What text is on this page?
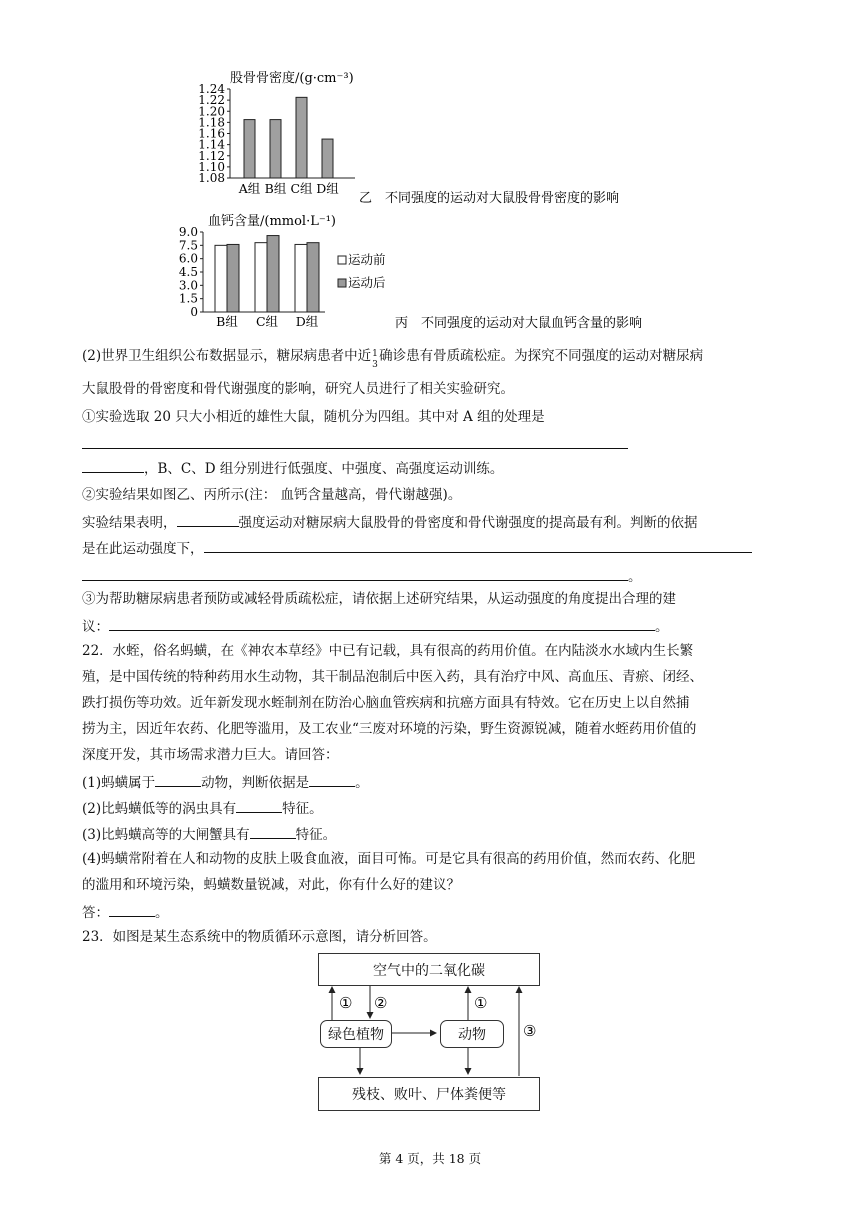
股骨骨密度/(g·cm⁻³)
1.24
1.22
1.20
1.18
1.16
1.14
1.12
1.10
1.08
A组 B组 C组 D组
乙　不同强度的运动对大鼠股骨骨密度的影响
血钙含量/(mmol·L⁻¹)
9.0
7.5
6.0
4.5
3.0
1.5
0
B组 C组 D组
运动前
运动后
丙　不同强度的运动对大鼠血钙含量的影响
(2)世界卫生组织公布数据显示，糖尿病患者中近 1
3
确诊患有骨质疏松症。为探究不同强度的运动对糖尿病
大鼠股骨的骨密度和骨代谢强度的影响，研究人员进行了相关实验研究。
①实验选取 20 只大小相近的雄性大鼠，随机分为四组。其中对 A 组的处理是
，B、C、D 组分别进行低强度、中强度、高强度运动训练。
②实验结果如图乙、丙所示(注： 血钙含量越高，骨代谢越强)。
实验结果表明，	强度运动对糖尿病大鼠股骨的骨密度和骨代谢强度的提高最有利。判断的依据
是在此运动强度下，
。
③为帮助糖尿病患者预防或减轻骨质疏松症，请依据上述研究结果，从运动强度的角度提出合理的建
议：	。
22．水蛭，俗名蚂蟥，在《神农本草经》中已有记载，具有很高的药用价值。在内陆淡水水域内生长繁
殖，是中国传统的特种药用水生动物，其干制品泡制后中医入药，具有治疗中风、高血压、青瘀、闭经、
跌打损伤等功效。近年新发现水蛭制剂在防治心脑血管疾病和抗癌方面具有特效。它在历史上以自然捕
捞为主，因近年农药、化肥等滥用，及工农业“三废对环境的污染，野生资源锐减，随着水蛭药用价值的
深度开发，其市场需求潜力巨大。请回答：
(1)蚂蟥属于	动物，判断依据是	。
(2)比蚂蟥低等的涡虫具有	特征。
(3)比蚂蟥高等的大闸蟹具有	特征。
(4)蚂蟥常附着在人和动物的皮肤上吸食血液，面目可怖。可是它具有很高的药用价值，然而农药、化肥
的滥用和环境污染，蚂蟥数量锐减，对此，你有什么好的建议？
答：	。
23．如图是某生态系统中的物质循环示意图，请分析回答。
① ②	①
③
空气中的二氧化碳
绿色植物	动物
残枝、败叶、尸体粪便等
第 4 页，共 18 页
